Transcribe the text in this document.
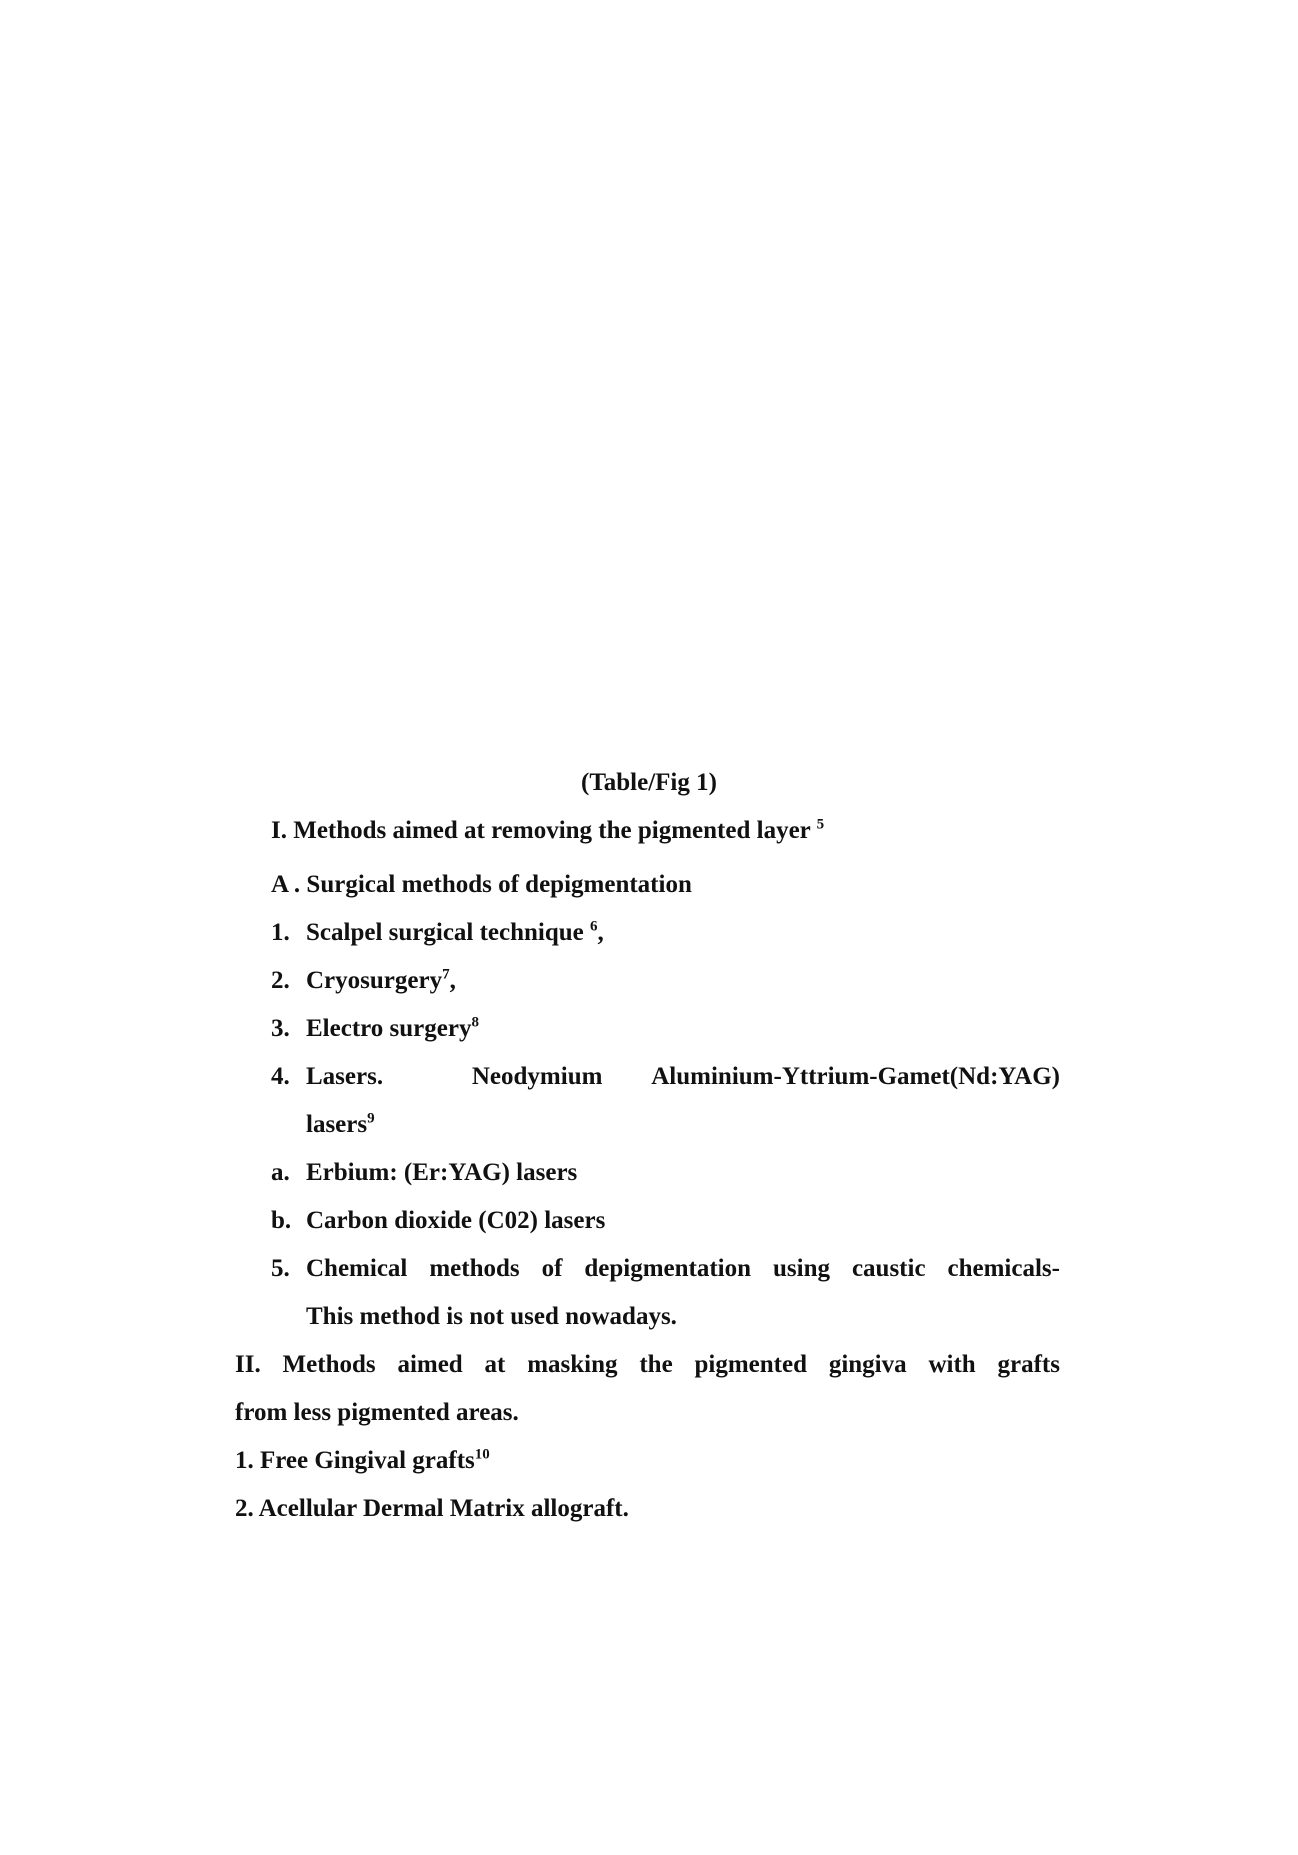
(Table/Fig 1)
I. Methods aimed at removing the pigmented layer $^5$
A . Surgical methods of depigmentation
1. Scalpel surgical technique $^6$,
2. Cryosurgery$^7$,
3. Electro surgery$^8$
4. Lasers.	Neodymium Aluminium-Yttrium-Gamet(Nd:YAG)
lasers$^9$
a. Erbium: (Er:YAG) lasers
b. Carbon dioxide (C02) lasers
5. Chemical methods of depigmentation using caustic chemicals-
This method is not used nowadays.
II. Methods aimed at masking the pigmented gingiva with grafts
from less pigmented areas.
1. Free Gingival grafts$^{10}$
2. Acellular Dermal Matrix allograft.
